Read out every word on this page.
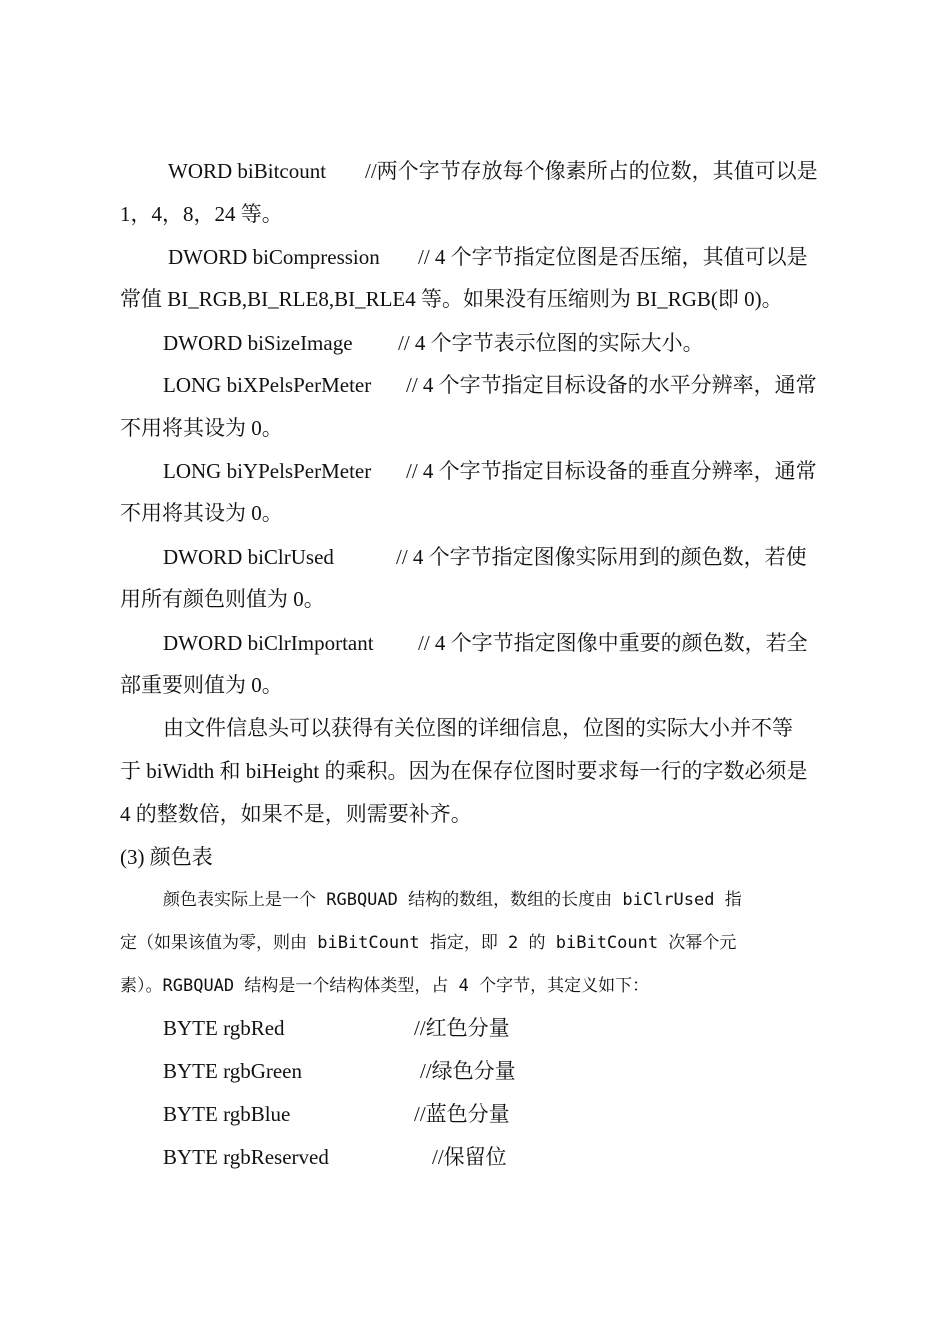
WORD biBitcount //两个字节存放每个像素所占的位数，其值可以是
1，4，8，24 等。
DWORD biCompression // 4 个字节指定位图是否压缩，其值可以是
常值 BI_RGB,BI_RLE8,BI_RLE4 等。如果没有压缩则为 BI_RGB(即 0)。
DWORD biSizeImage // 4 个字节表示位图的实际大小。
LONG biXPelsPerMeter // 4 个字节指定目标设备的水平分辨率，通常
不用将其设为 0。
LONG biYPelsPerMeter // 4 个字节指定目标设备的垂直分辨率，通常
不用将其设为 0。
DWORD biClrUsed	// 4 个字节指定图像实际用到的颜色数，若使
用所有颜色则值为 0。
DWORD biClrImportant // 4 个字节指定图像中重要的颜色数，若全
部重要则值为 0。
由文件信息头可以获得有关位图的详细信息，位图的实际大小并不等
于 biWidth 和 biHeight 的乘积。因为在保存位图时要求每一行的字数必须是
4 的整数倍，如果不是，则需要补齐。
(3) 颜色表
颜色表实际上是一个 RGBQUAD 结构的数组，数组的长度由 biClrUsed 指
定（如果该值为零，则由 biBitCount 指定，即 2 的 biBitCount 次幂个元
素）。RGBQUAD 结构是一个结构体类型，占 4 个字节，其定义如下：
BYTE rgbRed	//红色分量
BYTE rgbGreen	//绿色分量
BYTE rgbBlue	//蓝色分量
BYTE rgbReserved	//保留位
